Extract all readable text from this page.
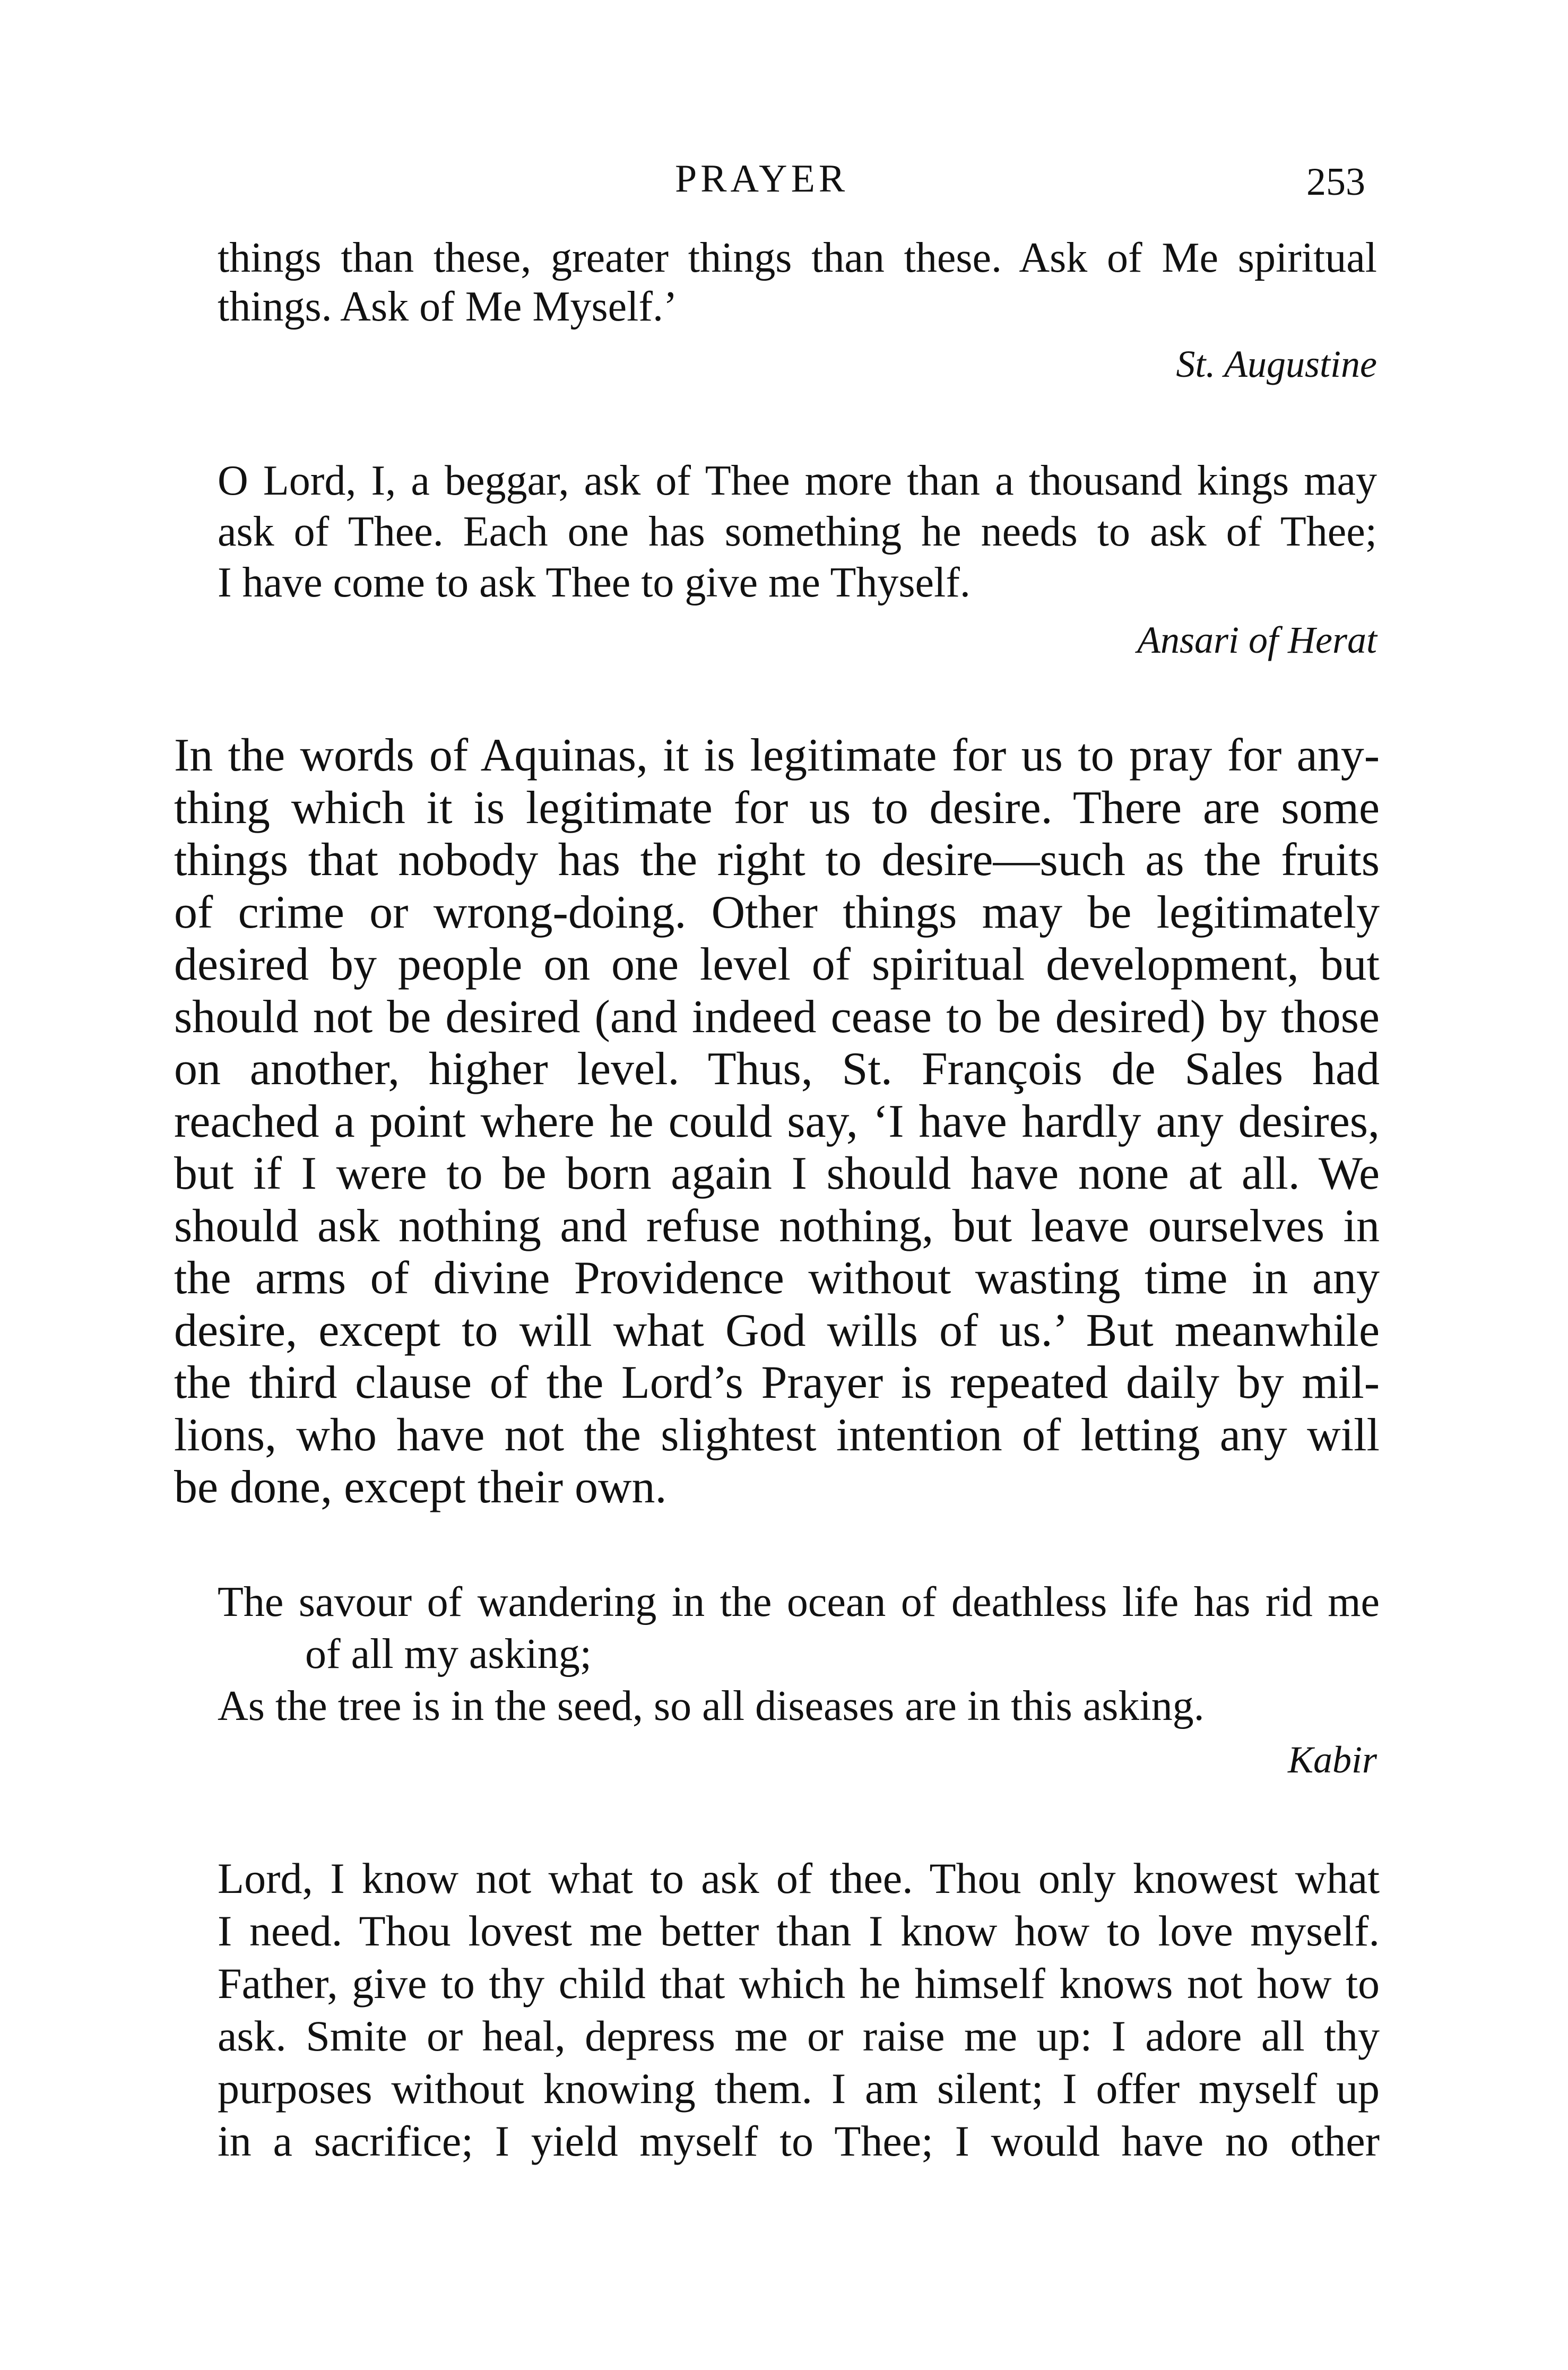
PRAYER	253
things than these, greater things than these. Ask of Me spiritual
things. Ask of Me Myself.’
St. Augustine
O Lord, I, a beggar, ask of Thee more than a thousand kings may
ask of Thee. Each one has something he needs to ask of Thee;
I have come to ask Thee to give me Thyself.
Ansari of Herat
In the words of Aquinas, it is legitimate for us to pray for any-
thing which it is legitimate for us to desire. There are some
things that nobody has the right to desire—such as the fruits
of crime or wrong-doing. Other things may be legitimately
desired by people on one level of spiritual development, but
should not be desired (and indeed cease to be desired) by those
on another, higher level. Thus, St. François de Sales had
reached a point where he could say, ‘I have hardly any desires,
but if I were to be born again I should have none at all. We
should ask nothing and refuse nothing, but leave ourselves in
the arms of divine Providence without wasting time in any
desire, except to will what God wills of us.’ But meanwhile
the third clause of the Lord’s Prayer is repeated daily by mil-
lions, who have not the slightest intention of letting any will
be done, except their own.
The savour of wandering in the ocean of deathless life has rid me
of all my asking;
As the tree is in the seed, so all diseases are in this asking.
Kabir
Lord, I know not what to ask of thee. Thou only knowest what
I need. Thou lovest me better than I know how to love myself.
Father, give to thy child that which he himself knows not how to
ask. Smite or heal, depress me or raise me up: I adore all thy
purposes without knowing them. I am silent; I offer myself up
in a sacrifice; I yield myself to Thee; I would have no other
